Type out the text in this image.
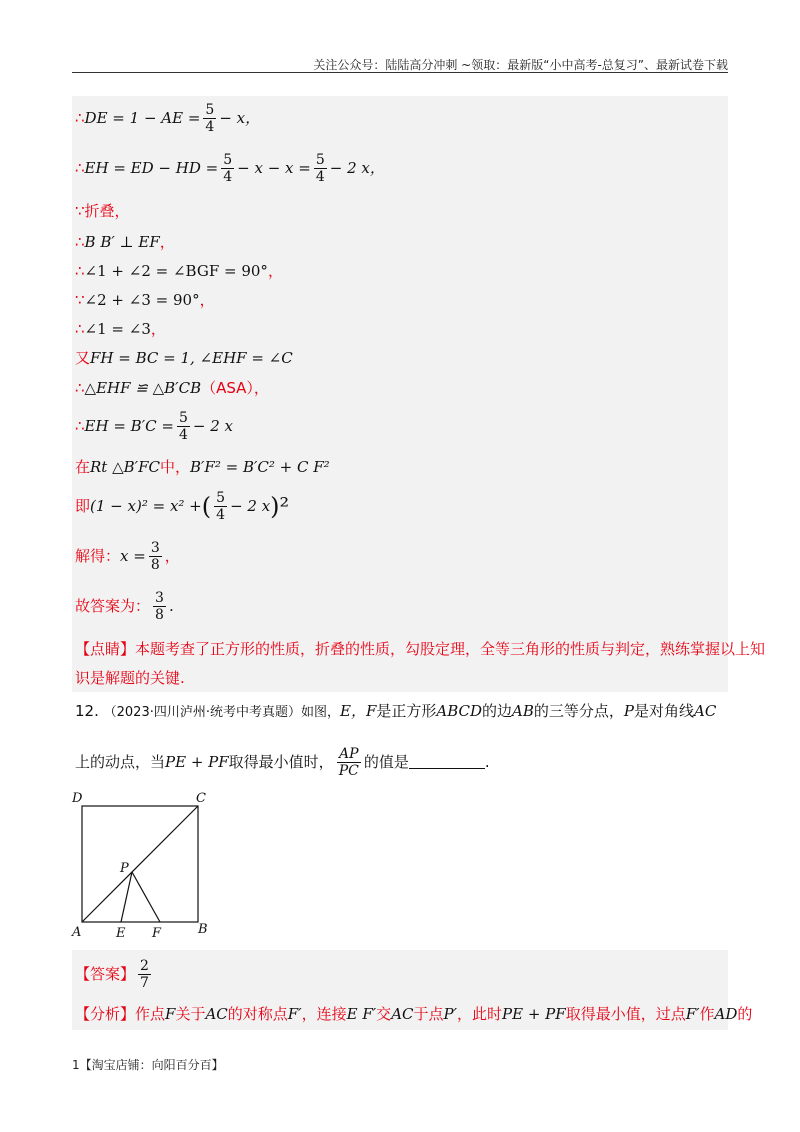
关注公众号：陆陆高分冲刺 ~领取：最新版“小中高考-总复习”、最新试卷下载
∴DE = 1 − AE = $\frac{5}{4} - x$，
∴EH = ED − HD = $\frac{5}{4} - x - x = \frac{5}{4} - 2$ x，
∵折叠，
∴B B′ ⊥ EF，
∴∠1 + ∠2 = ∠BGF = 90°，
∵∠2 + ∠3 = 90°，
∴∠1 = ∠3，
又FH = BC = 1, ∠EHF = ∠C
∴△EHF ≌ △B′CB（ASA），
∴EH = $B'C = \frac{5}{4} - 2$ x
在Rt △B′FC中，B′F² = B′C² + C F²
即(1 − x)² = x² +( $\frac{5}{4} - 2$ x)²
解得：$x = \frac{3}{8}$ ，
故答案为： $\frac{3}{8}$ .
【点睛】本题考查了正方形的性质，折叠的性质，勾股定理，全等三角形的性质与判定，熟练掌握以上知
识是解题的关键.
12. （2023·四川泸州·统考中考真题）如图，E，F是正方形ABCD的边AB的三等分点，P是对角线AC
上的动点，当PE + PF取得最小值时， $\frac{AP}{PC}$ 的值是	.
D	C
A	B
E F
P
【答案】 $\frac{2}{7}$
【分析】作点F关于AC的对称点F′，连接E F′交AC于点P′，此时PE + PF取得最小值，过点F′作AD的
1【淘宝店铺：向阳百分百】
